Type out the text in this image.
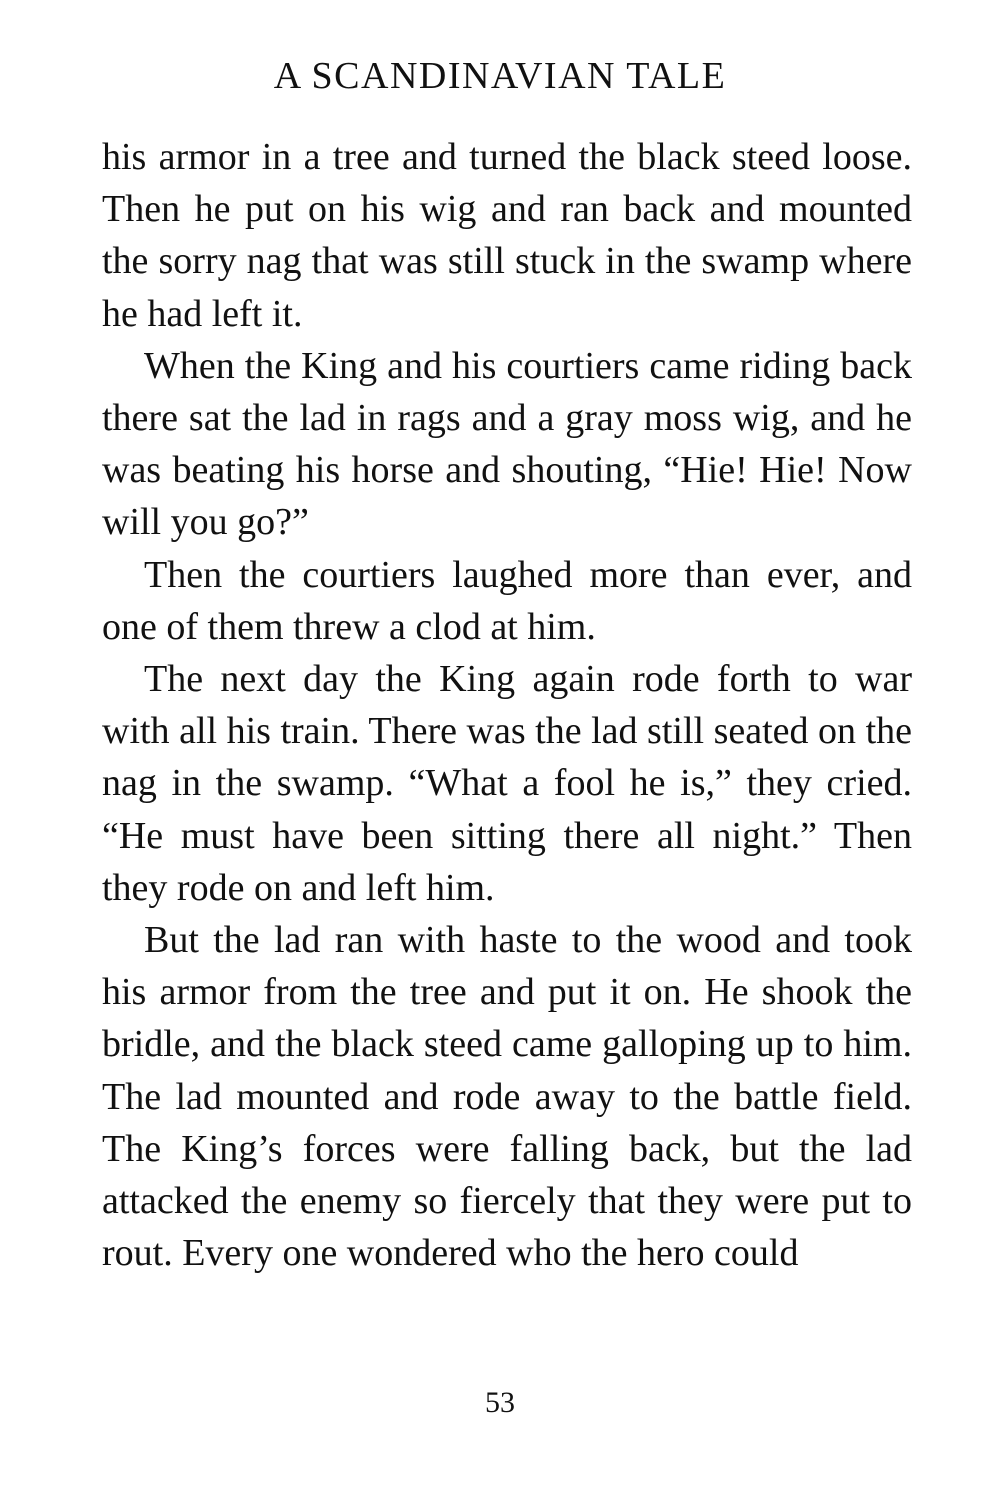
A SCANDINAVIAN TALE

his armor in a tree and turned the black steed loose. Then he put on his wig and ran back and mounted the sorry nag that was still stuck in the swamp where he had left it.

When the King and his courtiers came riding back there sat the lad in rags and a gray moss wig, and he was beating his horse and shouting, “Hie! Hie! Now will you go?”

Then the courtiers laughed more than ever, and one of them threw a clod at him.

The next day the King again rode forth to war with all his train. There was the lad still seated on the nag in the swamp. “What a fool he is,” they cried. “He must have been sitting there all night.” Then they rode on and left him.

But the lad ran with haste to the wood and took his armor from the tree and put it on. He shook the bridle, and the black steed came galloping up to him. The lad mounted and rode away to the battle field. The King’s forces were falling back, but the lad attacked the enemy so fiercely that they were put to rout. Every one wondered who the hero could

53
